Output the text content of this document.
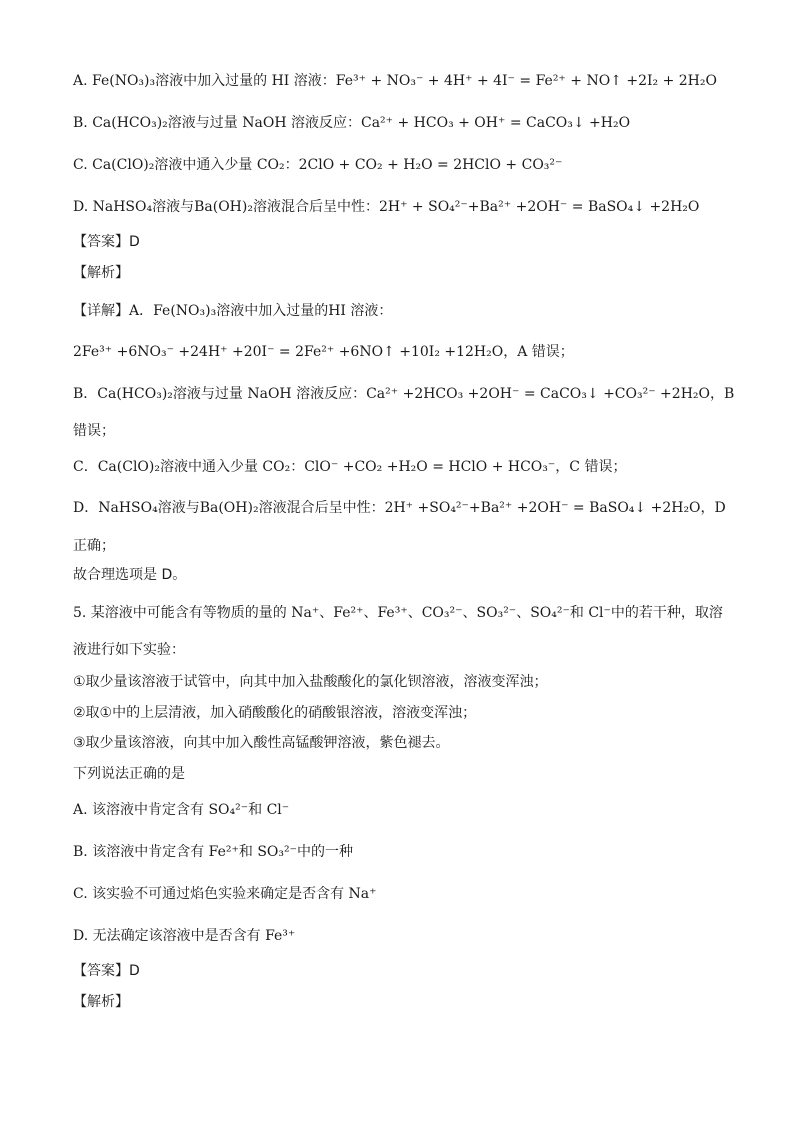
A. Fe(NO₃)₃溶液中加入过量的 HI 溶液：Fe³⁺ + NO₃⁻ + 4H⁺ + 4I⁻ = Fe²⁺ + NO↑ +2I₂ + 2H₂O
B. Ca(HCO₃)₂溶液与过量 NaOH 溶液反应：Ca²⁺ + HCO₃ + OH⁺ = CaCO₃↓ +H₂O
C. Ca(ClO)₂溶液中通入少量 CO₂：2ClO + CO₂ + H₂O = 2HClO + CO₃²⁻
D. NaHSO₄溶液与Ba(OH)₂溶液混合后呈中性：2H⁺ + SO₄²⁻+Ba²⁺ +2OH⁻ = BaSO₄↓ +2H₂O
【答案】D
【解析】
【详解】A．Fe(NO₃)₃溶液中加入过量的HI 溶液：
2Fe³⁺ +6NO₃⁻ +24H⁺ +20I⁻ = 2Fe²⁺ +6NO↑ +10I₂ +12H₂O，A 错误；
B．Ca(HCO₃)₂溶液与过量 NaOH 溶液反应：Ca²⁺ +2HCO₃ +2OH⁻ = CaCO₃↓ +CO₃²⁻ +2H₂O，B
错误；
C．Ca(ClO)₂溶液中通入少量 CO₂：ClO⁻ +CO₂ +H₂O = HClO + HCO₃⁻，C 错误；
D．NaHSO₄溶液与Ba(OH)₂溶液混合后呈中性：2H⁺ +SO₄²⁻+Ba²⁺ +2OH⁻ = BaSO₄↓ +2H₂O，D
正确；
故合理选项是 D。
5. 某溶液中可能含有等物质的量的 Na⁺、Fe²⁺、Fe³⁺、CO₃²⁻、SO₃²⁻、SO₄²⁻和 Cl⁻中的若干种，取溶
液进行如下实验：
①取少量该溶液于试管中，向其中加入盐酸酸化的氯化钡溶液，溶液变浑浊；
②取①中的上层清液，加入硝酸酸化的硝酸银溶液，溶液变浑浊；
③取少量该溶液，向其中加入酸性高锰酸钾溶液，紫色褪去。
下列说法正确的是
A. 该溶液中肯定含有 SO₄²⁻和 Cl⁻
B. 该溶液中肯定含有 Fe²⁺和 SO₃²⁻中的一种
C. 该实验不可通过焰色实验来确定是否含有 Na⁺
D. 无法确定该溶液中是否含有 Fe³⁺
【答案】D
【解析】
